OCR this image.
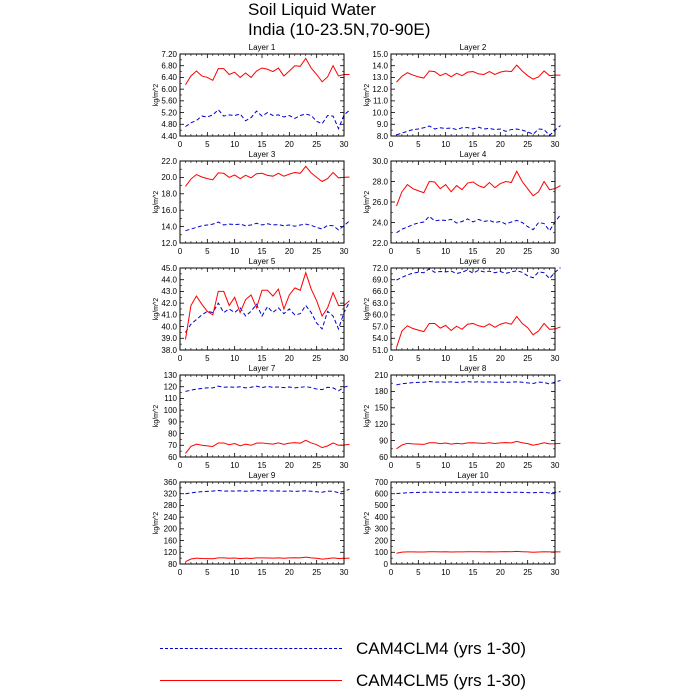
Soil Liquid Water
India (10-23.5N,70-90E)
Layer 1
0	5	10 15 20 25 30
4.40
4.80
5.20
5.60
6.00
6.40
6.80
7.20
kg/m^2
Layer 2
0	5	10 15 20 25 30
8.0
9.0
10.0
11.0
12.0
13.0
14.0
15.0
kg/m^2
Layer 3
0	5	10 15 20 25 30
12.0
14.0
16.0
18.0
20.0
22.0
kg/m^2
Layer 4
0	5	10 15 20 25 30
22.0
24.0
26.0
28.0
30.0
kg/m^2
Layer 5
0	5	10 15 20 25 30
38.0
39.0
40.0
41.0
42.0
43.0
44.0
45.0
kg/m^2
Layer 6
0	5	10 15 20 25 30
51.0
54.0
57.0
60.0
63.0
66.0
69.0
72.0
kg/m^2
Layer 7
0	5	10 15 20 25 30
60
70
80
90
100
110
120
130
kg/m^2
Layer 8
0	5	10 15 20 25 30
60
90
120
150
180
210
kg/m^2
Layer 9
0	5	10 15 20 25 30
80
120
160
200
240
280
320
360
kg/m^2
Layer 10
0	5	10 15 20 25 30
0
100
200
300
400
500
600
700
kg/m^2
CAM4CLM4 (yrs 1-30)
CAM4CLM5 (yrs 1-30)
